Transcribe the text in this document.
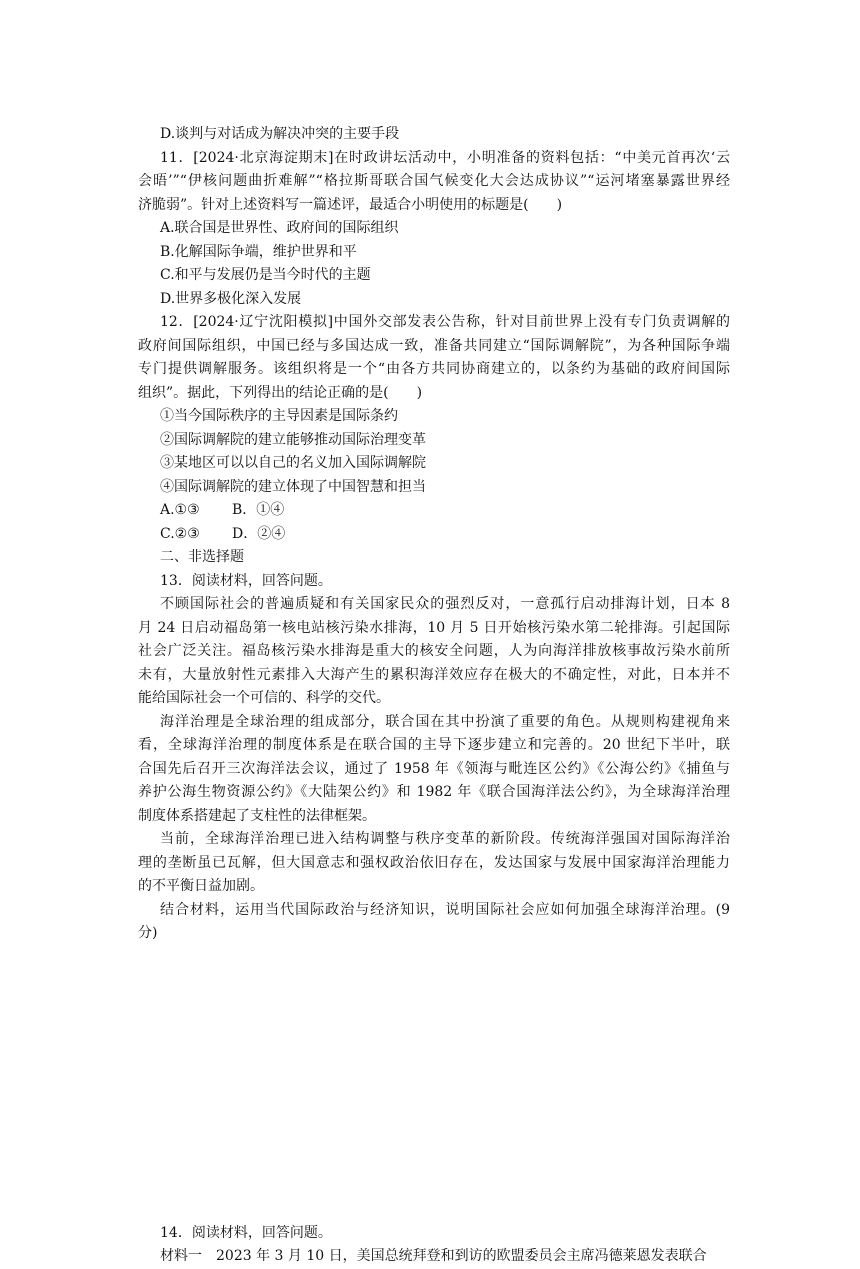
D.谈判与对话成为解决冲突的主要手段

11．[2024·北京海淀期末]在时政讲坛活动中，小明准备的资料包括：“中美元首再次‘云

会晤’”“伊核问题曲折难解”“格拉斯哥联合国气候变化大会达成协议”“运河堵塞暴露世界经

济脆弱”。针对上述资料写一篇述评，最适合小明使用的标题是(　　)

A.联合国是世界性、政府间的国际组织

B.化解国际争端，维护世界和平

C.和平与发展仍是当今时代的主题

D.世界多极化深入发展

12．[2024·辽宁沈阳模拟]中国外交部发表公告称，针对目前世界上没有专门负责调解的

政府间国际组织，中国已经与多国达成一致，准备共同建立“国际调解院”，为各种国际争端

专门提供调解服务。该组织将是一个“由各方共同协商建立的，以条约为基础的政府间国际

组织”。据此，下列得出的结论正确的是(　　)

①当今国际秩序的主导因素是国际条约

②国际调解院的建立能够推动国际治理变革

③某地区可以以自己的名义加入国际调解院

④国际调解院的建立体现了中国智慧和担当

A.①③ B．①④

C.②③ D．②④

二、非选择题

13．阅读材料，回答问题。

不顾国际社会的普遍质疑和有关国家民众的强烈反对，一意孤行启动排海计划，日本 8

月 24 日启动福岛第一核电站核污染水排海，10 月 5 日开始核污染水第二轮排海。引起国际

社会广泛关注。福岛核污染水排海是重大的核安全问题，人为向海洋排放核事故污染水前所

未有，大量放射性元素排入大海产生的累积海洋效应存在极大的不确定性，对此，日本并不

能给国际社会一个可信的、科学的交代。

海洋治理是全球治理的组成部分，联合国在其中扮演了重要的角色。从规则构建视角来

看，全球海洋治理的制度体系是在联合国的主导下逐步建立和完善的。20 世纪下半叶，联

合国先后召开三次海洋法会议，通过了 1958 年《领海与毗连区公约》《公海公约》《捕鱼与

养护公海生物资源公约》《大陆架公约》和 1982 年《联合国海洋法公约》，为全球海洋治理

制度体系搭建起了支柱性的法律框架。

当前，全球海洋治理已进入结构调整与秩序变革的新阶段。传统海洋强国对国际海洋治

理的垄断虽已瓦解，但大国意志和强权政治依旧存在，发达国家与发展中国家海洋治理能力

的不平衡日益加剧。

结合材料，运用当代国际政治与经济知识，说明国际社会应如何加强全球海洋治理。(9

分)

14．阅读材料，回答问题。

材料一　2023 年 3 月 10 日，美国总统拜登和到访的欧盟委员会主席冯德莱恩发表联合
